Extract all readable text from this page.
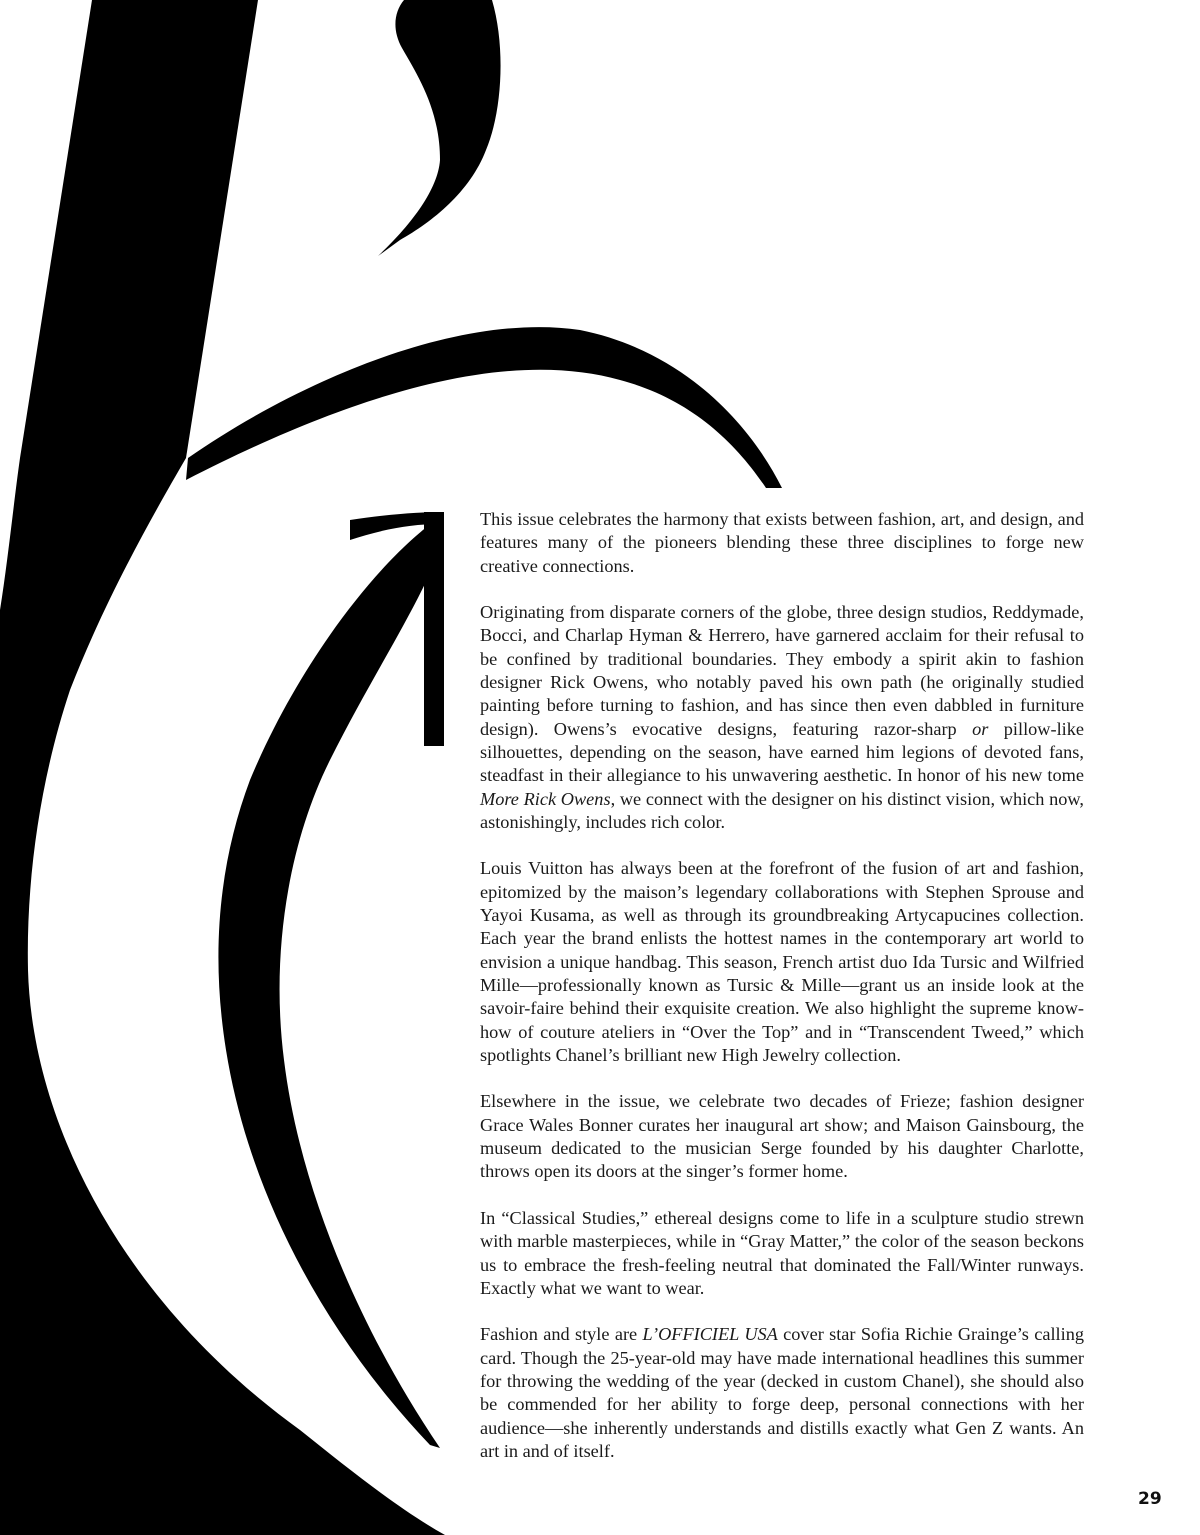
This issue celebrates the harmony that exists between fashion, art, and design, and features many of the pioneers blending these three disciplines to forge new creative connections.

Originating from disparate corners of the globe, three design studios, Reddymade, Bocci, and Charlap Hyman & Herrero, have garnered acclaim for their refusal to be confined by traditional boundaries. They embody a spirit akin to fashion designer Rick Owens, who notably paved his own path (he originally studied painting before turning to fashion, and has since then even dabbled in furniture design). Owens’s evocative designs, featuring razor-sharp or pillow-like silhouettes, depending on the season, have earned him legions of devoted fans, steadfast in their allegiance to his unwavering aesthetic. In honor of his new tome More Rick Owens, we connect with the designer on his distinct vision, which now, astonishingly, includes rich color.

Louis Vuitton has always been at the forefront of the fusion of art and fashion, epitomized by the maison’s legendary collaborations with Stephen Sprouse and Yayoi Kusama, as well as through its groundbreaking Artycapucines collection. Each year the brand enlists the hottest names in the contemporary art world to envision a unique handbag. This season, French artist duo Ida Tursic and Wilfried Mille—professionally known as Tursic & Mille—grant us an inside look at the savoir-faire behind their exquisite creation. We also highlight the supreme know-how of couture ateliers in “Over the Top” and in “Transcendent Tweed,” which spotlights Chanel’s brilliant new High Jewelry collection.

Elsewhere in the issue, we celebrate two decades of Frieze; fashion designer Grace Wales Bonner curates her inaugural art show; and Maison Gainsbourg, the museum dedicated to the musician Serge founded by his daughter Charlotte, throws open its doors at the singer’s former home.

In “Classical Studies,” ethereal designs come to life in a sculpture studio strewn with marble masterpieces, while in “Gray Matter,” the color of the season beckons us to embrace the fresh-feeling neutral that dominated the Fall/Winter runways. Exactly what we want to wear.

Fashion and style are L’OFFICIEL USA cover star Sofia Richie Grainge’s calling card. Though the 25-year-old may have made international headlines this summer for throwing the wedding of the year (decked in custom Chanel), she should also be commended for her ability to forge deep, personal connections with her audience—she inherently understands and distills exactly what Gen Z wants. An art in and of itself.

29
